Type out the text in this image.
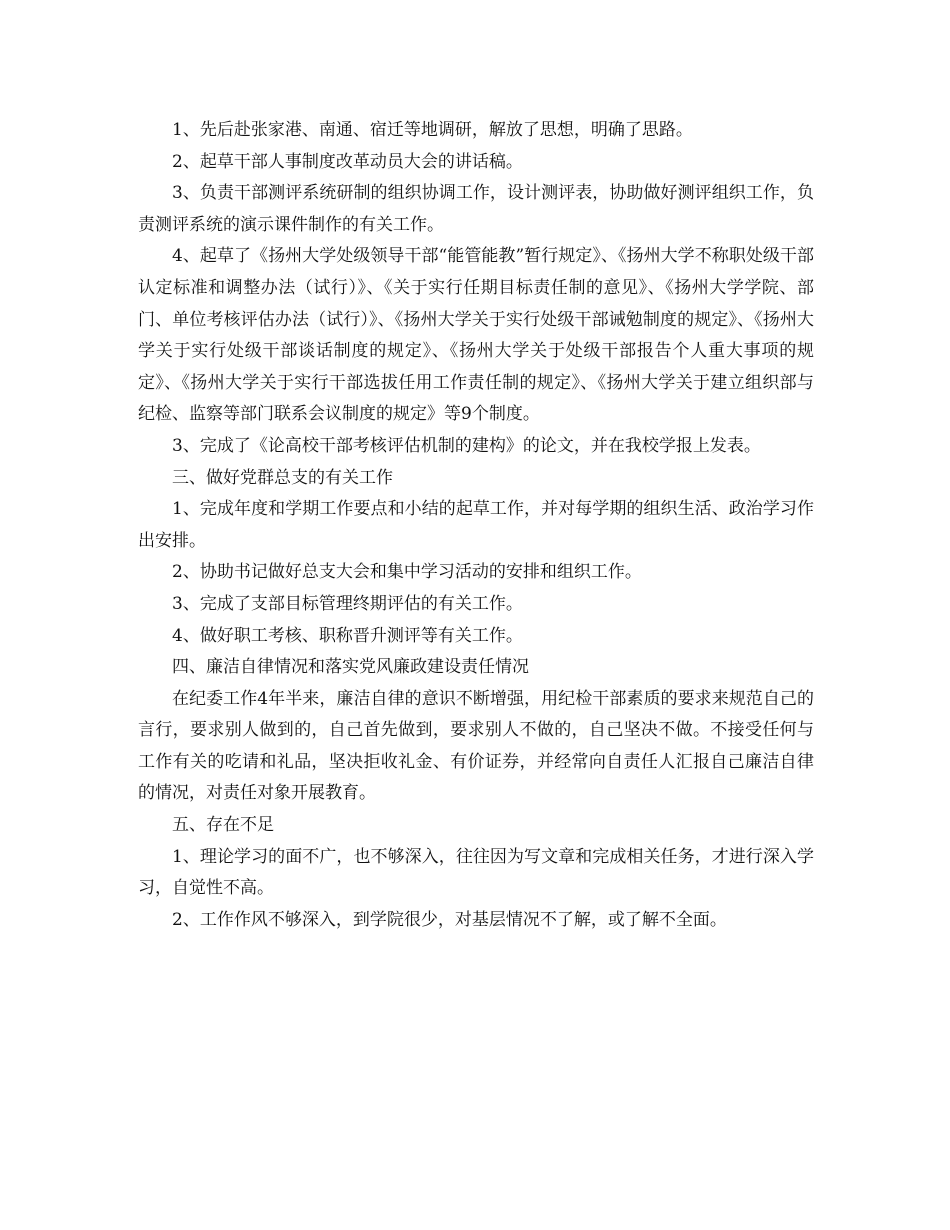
1、先后赴张家港、南通、宿迁等地调研，解放了思想，明确了思路。

2、起草干部人事制度改革动员大会的讲话稿。

3、负责干部测评系统研制的组织协调工作，设计测评表，协助做好测评组织工作，负责测评系统的演示课件制作的有关工作。

4、起草了《扬州大学处级领导干部“能管能教”暂行规定》、《扬州大学不称职处级干部认定标准和调整办法（试行）》、《关于实行任期目标责任制的意见》、《扬州大学学院、部门、单位考核评估办法（试行）》、《扬州大学关于实行处级干部诫勉制度的规定》、《扬州大学关于实行处级干部谈话制度的规定》、《扬州大学关于处级干部报告个人重大事项的规定》、《扬州大学关于实行干部选拔任用工作责任制的规定》、《扬州大学关于建立组织部与纪检、监察等部门联系会议制度的规定》等9个制度。

3、完成了《论高校干部考核评估机制的建构》的论文，并在我校学报上发表。

三、做好党群总支的有关工作

1、完成年度和学期工作要点和小结的起草工作，并对每学期的组织生活、政治学习作出安排。

2、协助书记做好总支大会和集中学习活动的安排和组织工作。

3、完成了支部目标管理终期评估的有关工作。

4、做好职工考核、职称晋升测评等有关工作。

四、廉洁自律情况和落实党风廉政建设责任情况

在纪委工作4年半来，廉洁自律的意识不断增强，用纪检干部素质的要求来规范自己的言行，要求别人做到的，自己首先做到，要求别人不做的，自己坚决不做。不接受任何与工作有关的吃请和礼品，坚决拒收礼金、有价证券，并经常向自责任人汇报自己廉洁自律的情况，对责任对象开展教育。

五、存在不足

1、理论学习的面不广，也不够深入，往往因为写文章和完成相关任务，才进行深入学习，自觉性不高。

2、工作作风不够深入，到学院很少，对基层情况不了解，或了解不全面。
